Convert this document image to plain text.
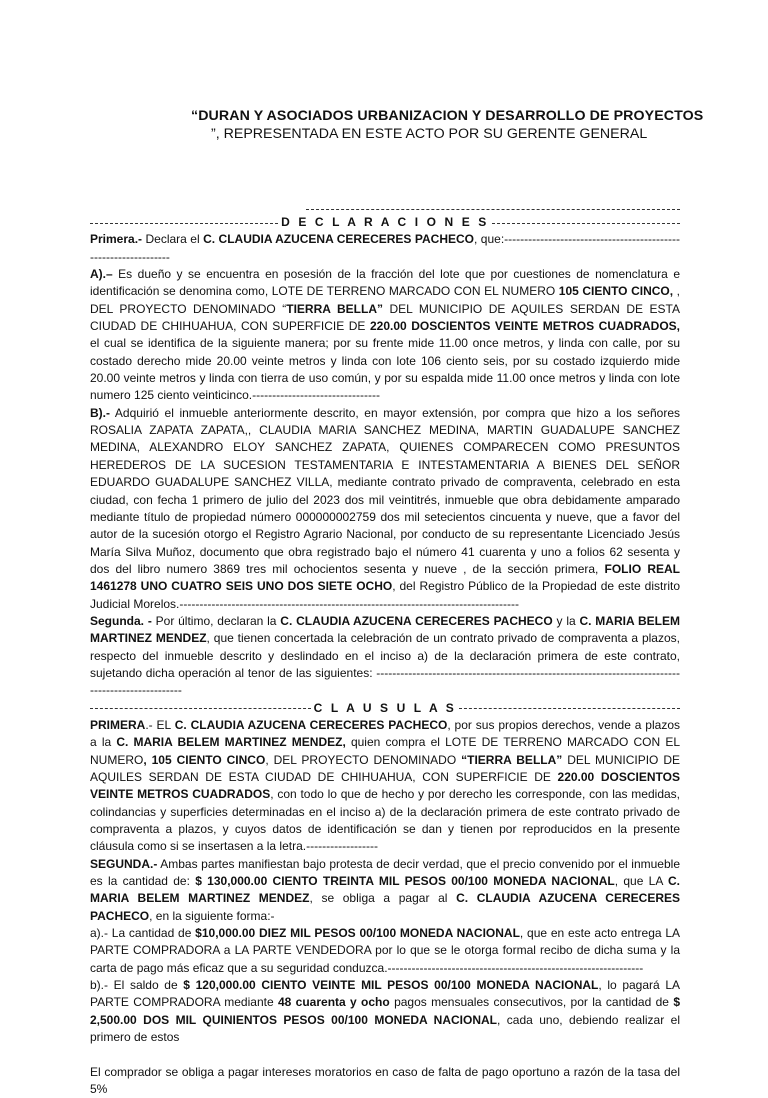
“DURAN Y ASOCIADOS URBANIZACION Y DESARROLLO DE PROYECTOS
”, REPRESENTADA EN ESTE ACTO POR SU GERENTE GENERAL
D E C L A R A C I O N E S

Primera.- Declara el C. CLAUDIA AZUCENA CERECERES PACHECO, que:----------------------------------------------------------------

A).– Es dueño y se encuentra en posesión de la fracción del lote que por cuestiones de nomenclatura e identificación se denomina como, LOTE DE TERRENO MARCADO CON EL NUMERO 105 CIENTO CINCO, , DEL PROYECTO DENOMINADO “TIERRA BELLA” DEL MUNICIPIO DE AQUILES SERDAN DE ESTA CIUDAD DE CHIHUAHUA, CON SUPERFICIE DE 220.00 DOSCIENTOS VEINTE METROS CUADRADOS, el cual se identifica de la siguiente manera; por su frente mide 11.00 once metros, y linda con calle, por su costado derecho mide 20.00 veinte metros y linda con lote 106 ciento seis, por su costado izquierdo mide 20.00 veinte metros y linda con tierra de uso común, y por su espalda mide 11.00 once metros y linda con lote numero 125 ciento veinticinco.--------------------------------

B).- Adquirió el inmueble anteriormente descrito, en mayor extensión, por compra que hizo a los señores ROSALIA ZAPATA ZAPATA,, CLAUDIA MARIA SANCHEZ MEDINA, MARTIN GUADALUPE SANCHEZ MEDINA, ALEXANDRO ELOY SANCHEZ ZAPATA, QUIENES COMPARECEN COMO PRESUNTOS HEREDEROS DE LA SUCESION TESTAMENTARIA E INTESTAMENTARIA A BIENES DEL SEÑOR EDUARDO GUADALUPE SANCHEZ VILLA, mediante contrato privado de compraventa, celebrado en esta ciudad, con fecha 1 primero de julio del 2023 dos mil veintitrés, inmueble que obra debidamente amparado mediante título de propiedad número 000000002759 dos mil setecientos cincuenta y nueve, que a favor del autor de la sucesión otorgo el Registro Agrario Nacional, por conducto de su representante Licenciado Jesús María Silva Muñoz, documento que obra registrado bajo el número 41 cuarenta y uno a folios 62 sesenta y dos del libro numero 3869 tres mil ochocientos sesenta y nueve , de la sección primera, FOLIO REAL 1461278 UNO CUATRO SEIS UNO DOS SIETE OCHO, del Registro Público de la Propiedad de este distrito Judicial Morelos.-------------------------------------------------------------------------------------

Segunda. - Por último, declaran la C. CLAUDIA AZUCENA CERECERES PACHECO y la C. MARIA BELEM MARTINEZ MENDEZ, que tienen concertada la celebración de un contrato privado de compraventa a plazos, respecto del inmueble descrito y deslindado en el inciso a) de la declaración primera de este contrato, sujetando dicha operación al tenor de las siguientes: ---------------------------------------------------------------------------------------------------

C L A U S U L A S

PRIMERA.- EL C. CLAUDIA AZUCENA CERECERES PACHECO, por sus propios derechos, vende a plazos a la C. MARIA BELEM MARTINEZ MENDEZ, quien compra el LOTE DE TERRENO MARCADO CON EL NUMERO, 105 CIENTO CINCO, DEL PROYECTO DENOMINADO “TIERRA BELLA” DEL MUNICIPIO DE AQUILES SERDAN DE ESTA CIUDAD DE CHIHUAHUA, CON SUPERFICIE DE 220.00 DOSCIENTOS VEINTE METROS CUADRADOS, con todo lo que de hecho y por derecho les corresponde, con las medidas, colindancias y superficies determinadas en el inciso a) de la declaración primera de este contrato privado de compraventa a plazos, y cuyos datos de identificación se dan y tienen por reproducidos en la presente cláusula como si se insertasen a la letra.------------------

SEGUNDA.- Ambas partes manifiestan bajo protesta de decir verdad, que el precio convenido por el inmueble es la cantidad de: $ 130,000.00 CIENTO TREINTA MIL PESOS 00/100 MONEDA NACIONAL, que LA C. MARIA BELEM MARTINEZ MENDEZ, se obliga a pagar al C. CLAUDIA AZUCENA CERECERES PACHECO, en la siguiente forma:-

a).- La cantidad de $10,000.00 DIEZ MIL PESOS 00/100 MONEDA NACIONAL, que en este acto entrega LA PARTE COMPRADORA a LA PARTE VENDEDORA por lo que se le otorga formal recibo de dicha suma y la carta de pago más eficaz que a su seguridad conduzca.----------------------------------------------------------------

b).- El saldo de $ 120,000.00 CIENTO VEINTE MIL PESOS 00/100 MONEDA NACIONAL, lo pagará LA PARTE COMPRADORA mediante 48 cuarenta y ocho pagos mensuales consecutivos, por la cantidad de $ 2,500.00 DOS MIL QUINIENTOS PESOS 00/100 MONEDA NACIONAL, cada uno, debiendo realizar el primero de estos

El comprador se obliga a pagar intereses moratorios en caso de falta de pago oportuno a razón de la tasa del 5%
